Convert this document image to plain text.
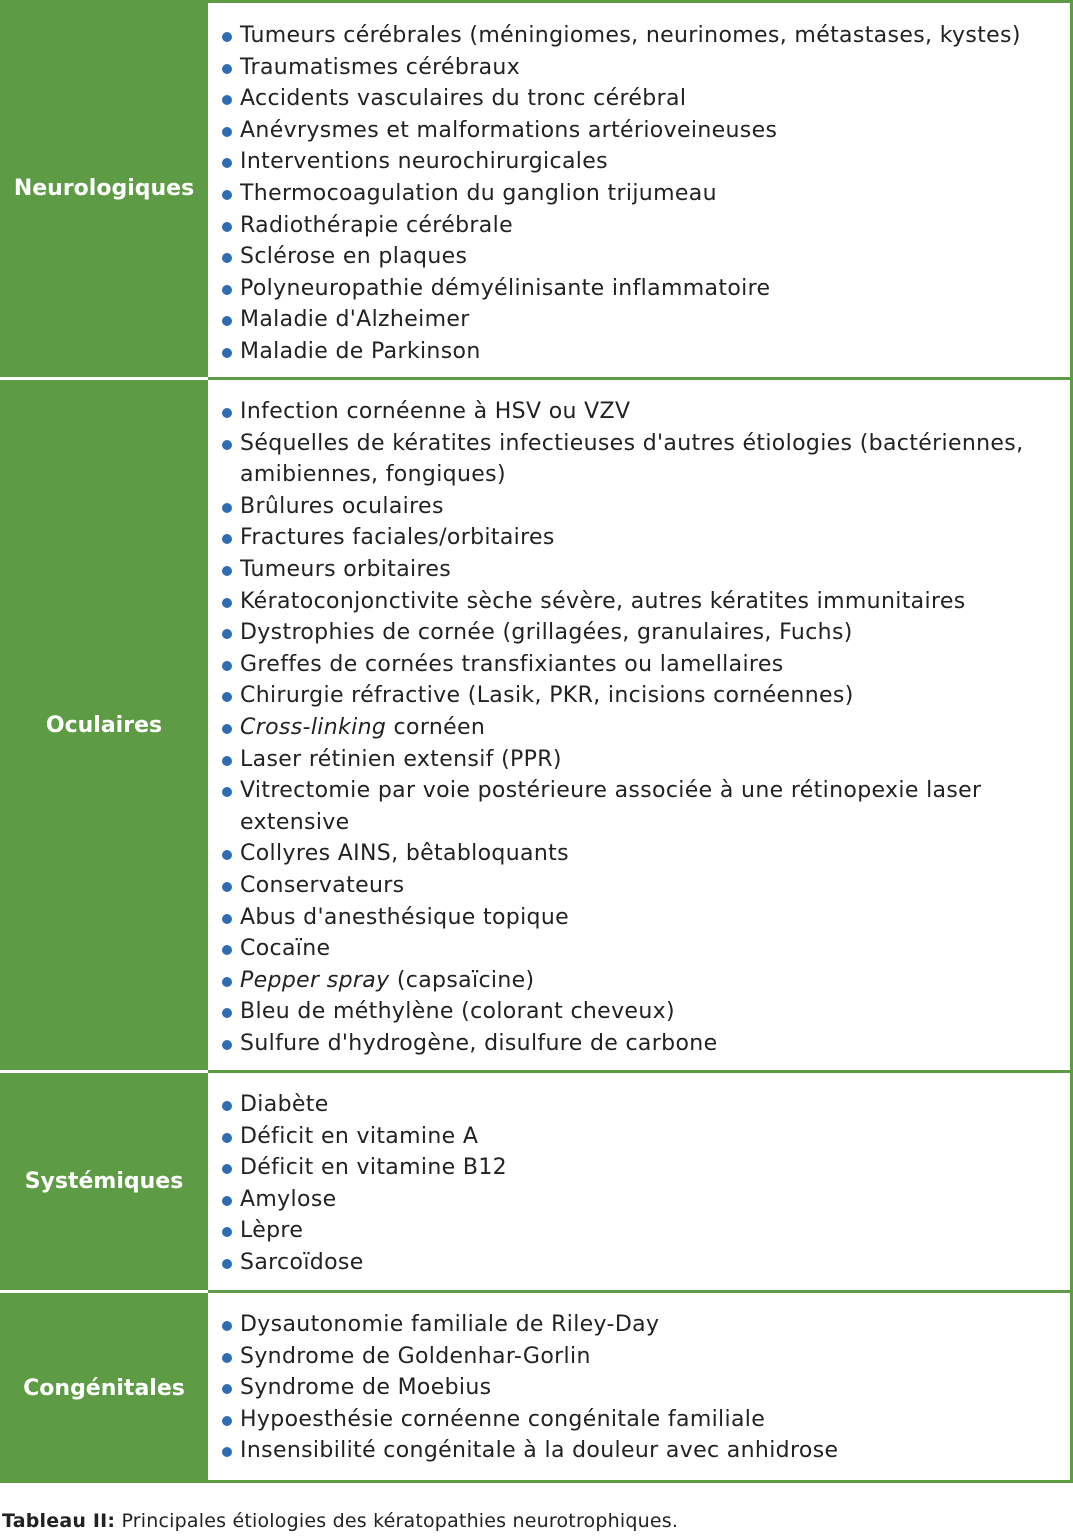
Neurologiques
Tumeurs cérébrales (méningiomes, neurinomes, métastases, kystes)
Traumatismes cérébraux
Accidents vasculaires du tronc cérébral
Anévrysmes et malformations artérioveineuses
Interventions neurochirurgicales
Thermocoagulation du ganglion trijumeau
Radiothérapie cérébrale
Sclérose en plaques
Polyneuropathie démyélinisante inflammatoire
Maladie d'Alzheimer
Maladie de Parkinson
Oculaires
Infection cornéenne à HSV ou VZV
Séquelles de kératites infectieuses d'autres étiologies (bactériennes, amibiennes, fongiques)
Brûlures oculaires
Fractures faciales/orbitaires
Tumeurs orbitaires
Kératoconjonctivite sèche sévère, autres kératites immunitaires
Dystrophies de cornée (grillagées, granulaires, Fuchs)
Greffes de cornées transfixiantes ou lamellaires
Chirurgie réfractive (Lasik, PKR, incisions cornéennes)
Cross-linking cornéen
Laser rétinien extensif (PPR)
Vitrectomie par voie postérieure associée à une rétinopexie laser extensive
Collyres AINS, bêtabloquants
Conservateurs
Abus d'anesthésique topique
Cocaïne
Pepper spray (capsaïcine)
Bleu de méthylène (colorant cheveux)
Sulfure d'hydrogène, disulfure de carbone
Systémiques
Diabète
Déficit en vitamine A
Déficit en vitamine B12
Amylose
Lèpre
Sarcoïdose
Congénitales
Dysautonomie familiale de Riley-Day
Syndrome de Goldenhar-Gorlin
Syndrome de Moebius
Hypoesthésie cornéenne congénitale familiale
Insensibilité congénitale à la douleur avec anhidrose
Tableau II: Principales étiologies des kératopathies neurotrophiques.
